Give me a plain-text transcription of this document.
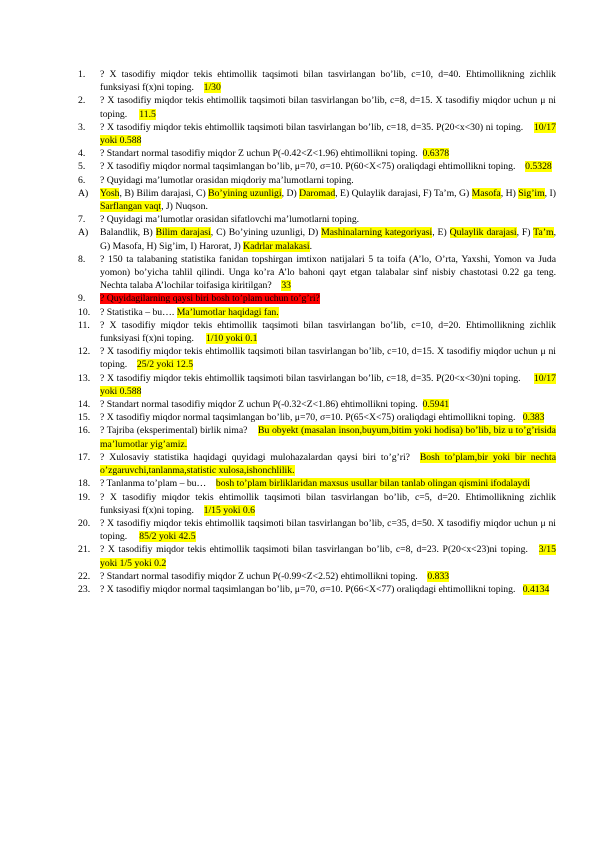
1.	? X tasodifiy miqdor tekis ehtimollik taqsimoti bilan tasvirlangan bo’lib, c=10, d=40. Ehtimollikning zichlik funksiyasi f(x)ni toping. 1/30
2.	? X tasodifiy miqdor tekis ehtimollik taqsimoti bilan tasvirlangan bo’lib, c=8, d=15. X tasodifiy miqdor uchun μ ni toping. 11.5
3.	? X tasodifiy miqdor tekis ehtimollik taqsimoti bilan tasvirlangan bo’lib, c=18, d=35. P(20<x<30) ni toping. 10/17 yoki 0.588
4.	? Standart normal tasodifiy miqdor Z uchun P(-0.42<Z<1.96) ehtimollikni toping. 0.6378
5.	? X tasodifiy miqdor normal taqsimlangan bo’lib, μ=70, σ=10. P(60<X<75) oraliqdagi ehtimollikni toping. 0.5328
6.	? Quyidagi ma’lumotlar orasidan miqdoriy ma’lumotlarni toping.
A)	Yosh, B) Bilim darajasi, C) Bo’yining uzunligi, D) Daromad, E) Qulaylik darajasi, F) Ta’m, G) Masofa, H) Sig’im, I) Sarflangan vaqt, J) Nuqson.
7.	? Quyidagi ma’lumotlar orasidan sifatlovchi ma’lumotlarni toping.
A)	Balandlik, B) Bilim darajasi, C) Bo’yining uzunligi, D) Mashinalarning kategoriyasi, E) Qulaylik darajasi, F) Ta’m, G) Masofa, H) Sig’im, I) Harorat, J) Kadrlar malakasi.
8.	? 150 ta talabaning statistika fanidan topshirgan imtixon natijalari 5 ta toifa (A’lo, O’rta, Yaxshi, Yomon va Juda yomon) bo’yicha tahlil qilindi. Unga ko’ra A’lo bahoni qayt etgan talabalar sinf nisbiy chastotasi 0.22 ga teng. Nechta talaba A’lochilar toifasiga kiritilgan? 33
9.	? Quyidagilarning qaysi biri bosh to’plam uchun to’g’ri?
10.	? Statistika – bu…. Ma’lumotlar haqidagi fan.
11.	? X tasodifiy miqdor tekis ehtimollik taqsimoti bilan tasvirlangan bo’lib, c=10, d=20. Ehtimollikning zichlik funksiyasi f(x)ni toping. 1/10 yoki 0.1
12.	? X tasodifiy miqdor tekis ehtimollik taqsimoti bilan tasvirlangan bo’lib, c=10, d=15. X tasodifiy miqdor uchun μ ni toping. 25/2 yoki 12.5
13.	? X tasodifiy miqdor tekis ehtimollik taqsimoti bilan tasvirlangan bo’lib, c=18, d=35. P(20<x<30)ni toping. 10/17 yoki 0.588
14.	? Standart normal tasodifiy miqdor Z uchun P(-0.32<Z<1.86) ehtimollikni toping. 0.5941
15.	? X tasodifiy miqdor normal taqsimlangan bo’lib, μ=70, σ=10. P(65<X<75) oraliqdagi ehtimollikni toping. 0.383
16.	? Tajriba (eksperimental) birlik nima? Bu obyekt (masalan inson,buyum,bitim yoki hodisa) bo’lib, biz u to’g’risida ma’lumotlar yig’amiz.
17.	? Xulosaviy statistika haqidagi quyidagi mulohazalardan qaysi biri to’g’ri? Bosh to’plam,bir yoki bir nechta o’zgaruvchi,tanlanma,statistic xulosa,ishonchlilik.
18.	? Tanlanma to’plam – bu… bosh to’plam birliklaridan maxsus usullar bilan tanlab olingan qismini ifodalaydi
19.	? X tasodifiy miqdor tekis ehtimollik taqsimoti bilan tasvirlangan bo’lib, c=5, d=20. Ehtimollikning zichlik funksiyasi f(x)ni toping. 1/15 yoki 0.6
20.	? X tasodifiy miqdor tekis ehtimollik taqsimoti bilan tasvirlangan bo’lib, c=35, d=50. X tasodifiy miqdor uchun μ ni toping. 85/2 yoki 42.5
21.	? X tasodifiy miqdor tekis ehtimollik taqsimoti bilan tasvirlangan bo’lib, c=8, d=23. P(20<x<23)ni toping. 3/15 yoki 1/5 yoki 0.2
22.	? Standart normal tasodifiy miqdor Z uchun P(-0.99<Z<2.52) ehtimollikni toping. 0.833
23.	? X tasodifiy miqdor normal taqsimlangan bo’lib, μ=70, σ=10. P(66<X<77) oraliqdagi ehtimollikni toping. 0.4134
